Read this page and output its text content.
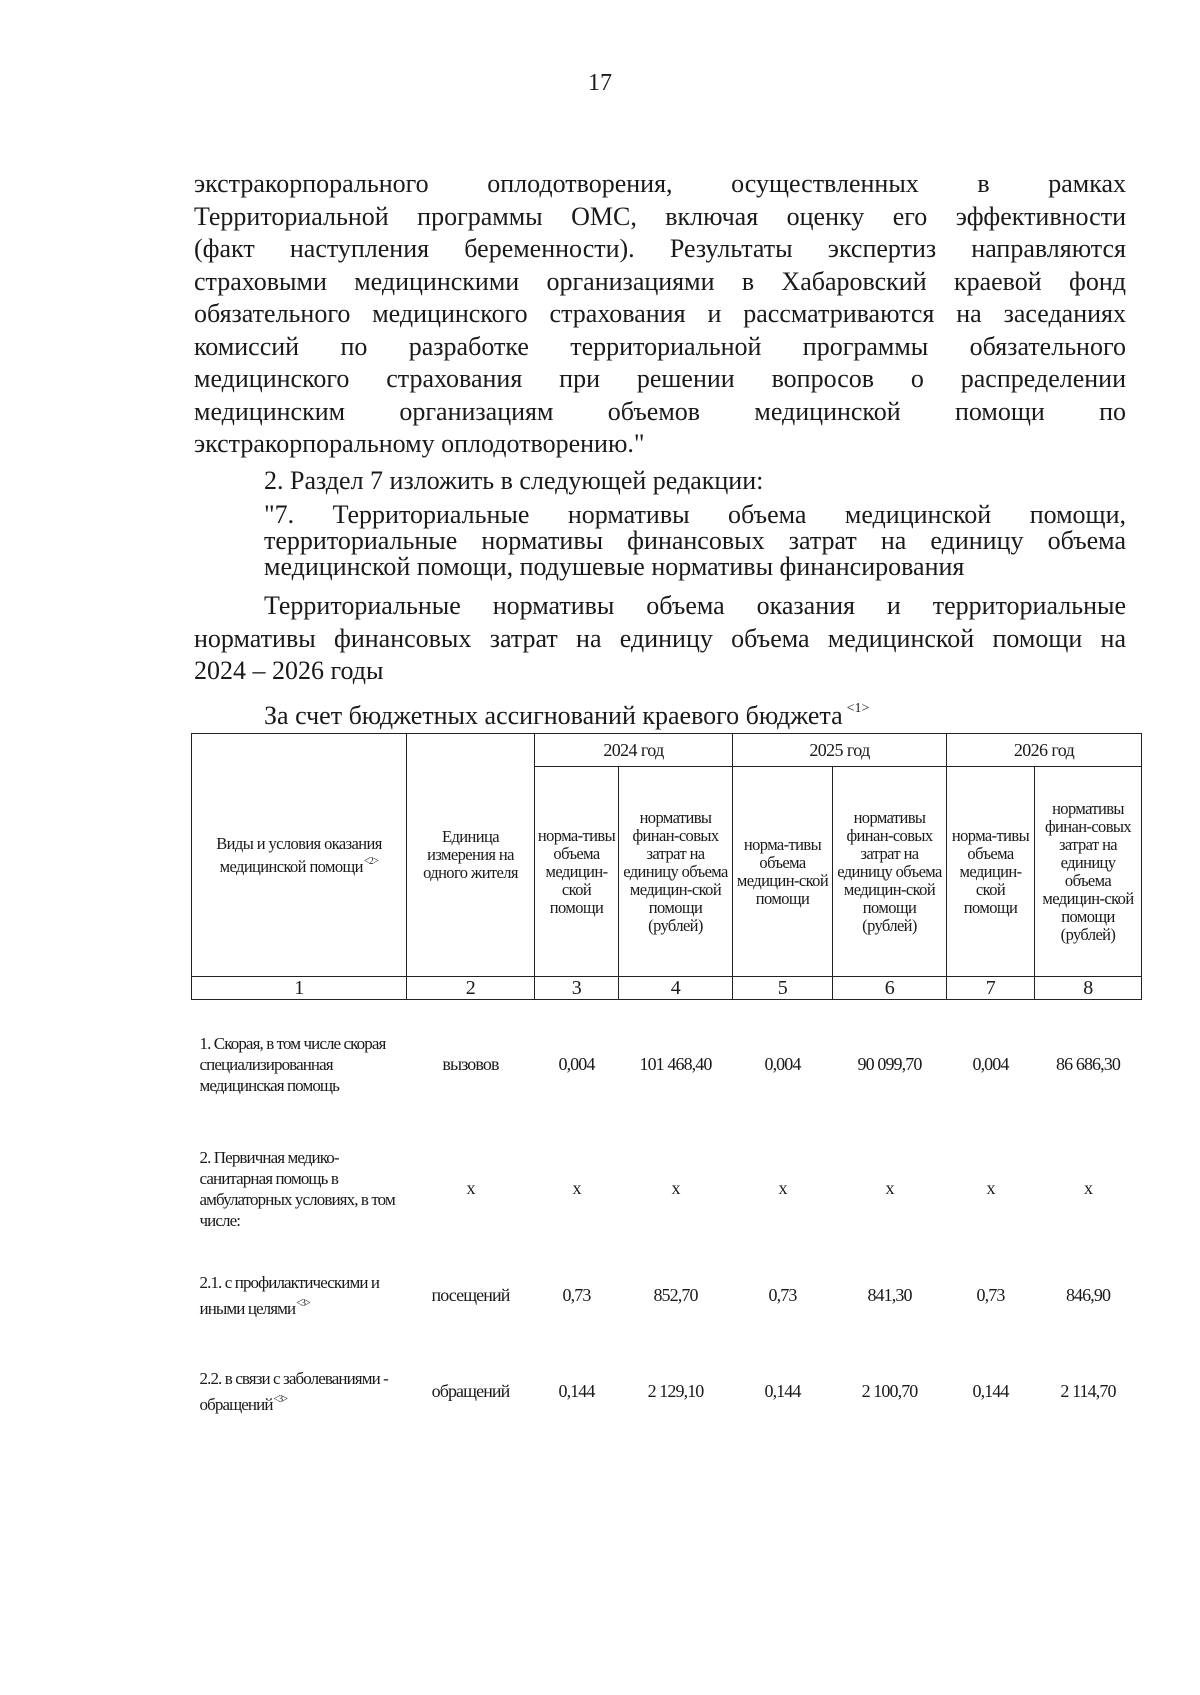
17
экстракорпорального оплодотворения, осуществленных в рамках
Территориальной программы ОМС, включая оценку его эффективности
(факт наступления беременности). Результаты экспертиз направляются
страховыми медицинскими организациями в Хабаровский краевой фонд
обязательного медицинского страхования и рассматриваются на заседаниях
комиссий по разработке территориальной программы обязательного
медицинского страхования при решении вопросов о распределении
медицинским организациям объемов медицинской помощи по
экстракорпоральному оплодотворению."
2. Раздел 7 изложить в следующей редакции:
"7. Территориальные нормативы объема медицинской помощи,
территориальные нормативы финансовых затрат на единицу объема
медицинской помощи, подушевые нормативы финансирования
Территориальные нормативы объема оказания и территориальные
нормативы финансовых затрат на единицу объема медицинской помощи на
2024 – 2026 годы
За счет бюджетных ассигнований краевого бюджета $^{<1>}$
Виды и условия оказания медицинской помощи$^{<2>}$	Единица измерения на одного жителя	2024 год		2025 год		2026 год	
		норма-тивы объема медицин-ской помощи	нормативы финан-совых затрат на единицу объема медицин-ской помощи (рублей)	норма-тивы объема медицин-ской помощи	нормативы финан-совых затрат на единицу объема медицин-ской помощи (рублей)	норма-тивы объема медицин-ской помощи	нормативы финан-совых затрат на единицу объема медицин-ской помощи (рублей)
1	2	3	4	5	6	7	8
1. Скорая, в том числе скорая специализированная медицинская помощь	вызовов	0,004	101 468,40	0,004	90 099,70	0,004	86 686,30
2. Первичная медико-санитарная помощь в амбулаторных условиях, в том числе:	х	х	х	х	х	х	х
2.1. с профилактическими и иными целями$^{<3>}$	посещений	0,73	852,70	0,73	841,30	0,73	846,90
2.2. в связи с заболеваниями - обращений$^{<3>}$	обращений	0,144	2 129,10	0,144	2 100,70	0,144	2 114,70
